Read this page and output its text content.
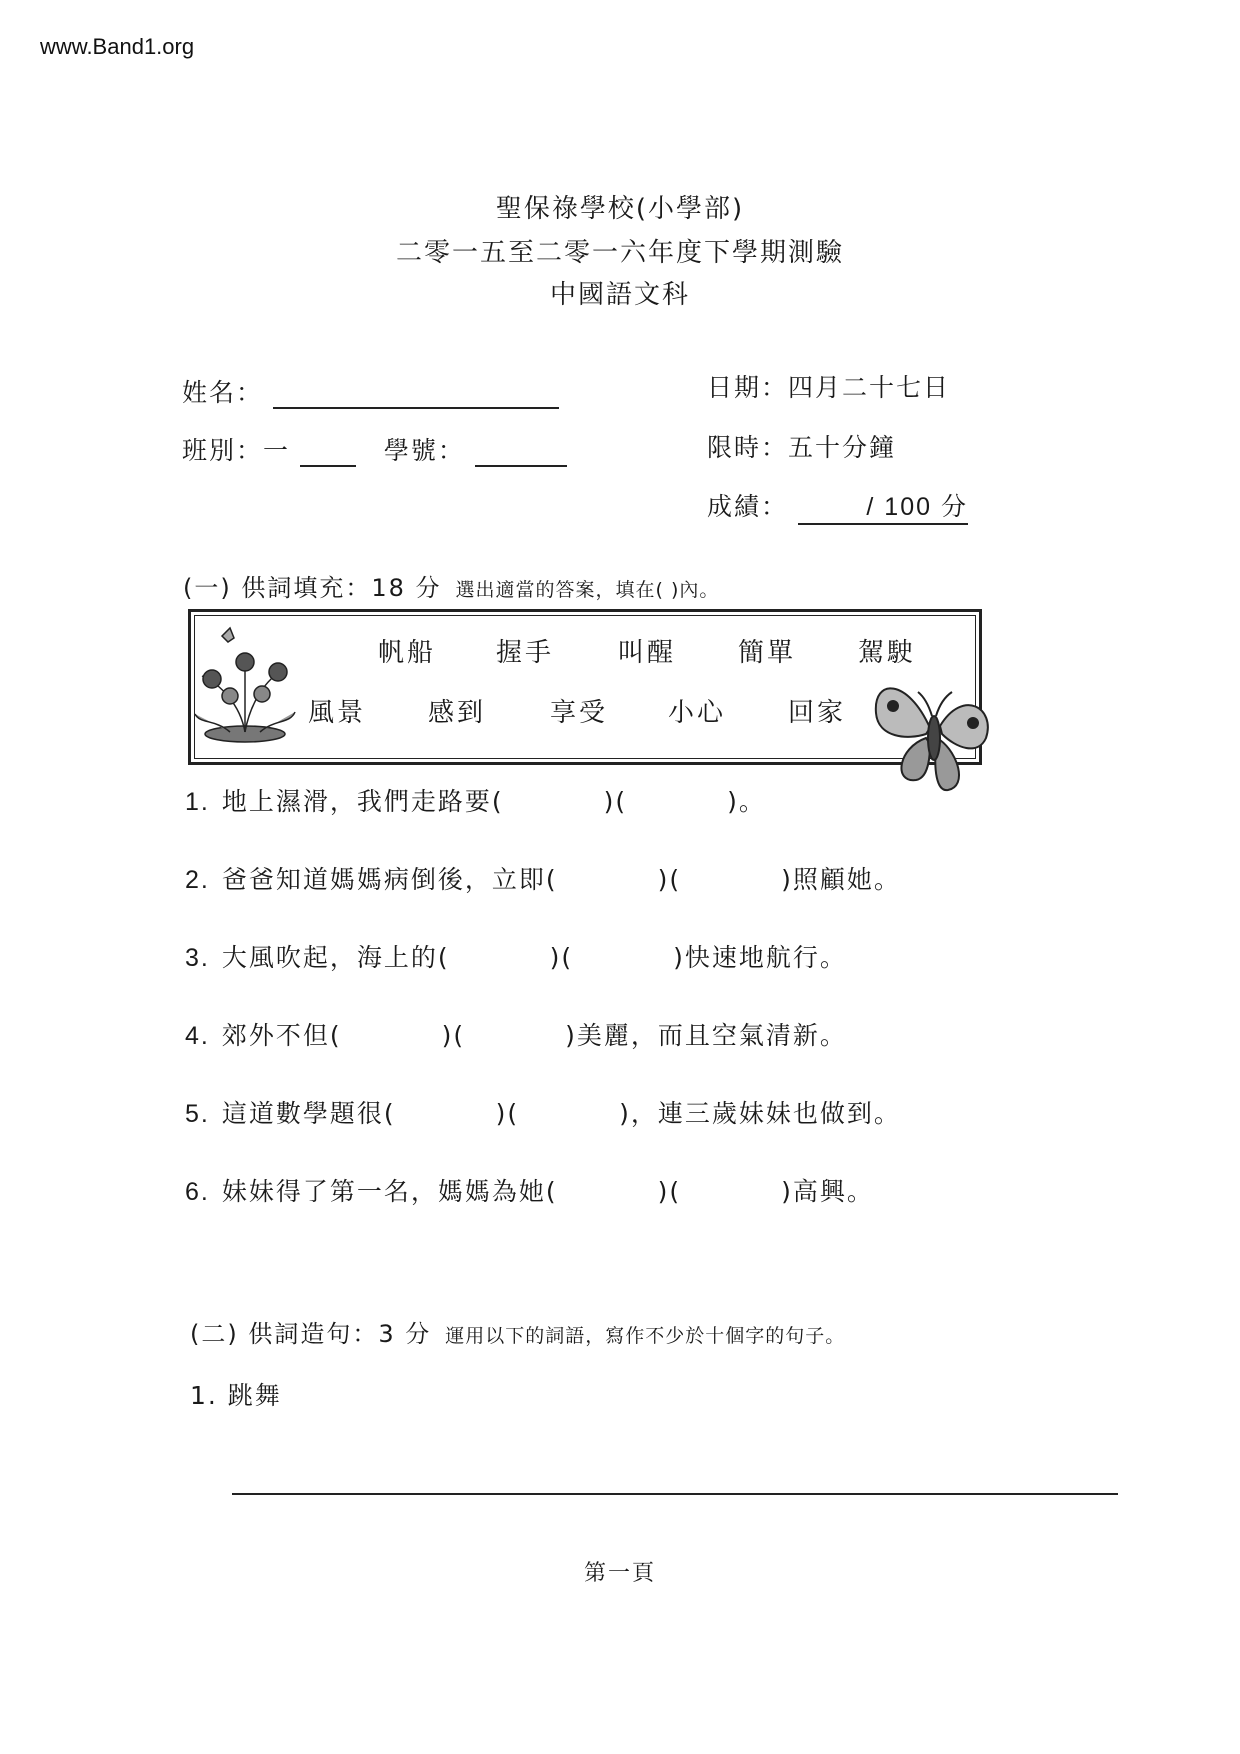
www.Band1.org
聖保祿學校(小學部)
二零一五至二零一六年度下學期測驗
中國語文科
姓名：
班別：一	學號：
日期：四月二十七日
限時：五十分鐘
成績：	/ 100 分
(一) 供詞填充：18 分 選出適當的答案，填在( )內。
帆船 握手 叫醒 簡單 駕駛
風景 感到 享受 小心 回家
1. 地上濕滑，我們走路要(	)(	)。
2. 爸爸知道媽媽病倒後，立即(	)(	)照顧她。
3. 大風吹起，海上的(	)(	)快速地航行。
4. 郊外不但(	)(	)美麗，而且空氣清新。
5. 這道數學題很(	)(	)，連三歲妹妹也做到。
6. 妹妹得了第一名，媽媽為她(	)(	)高興。
(二) 供詞造句：3 分 運用以下的詞語，寫作不少於十個字的句子。
1. 跳舞
第一頁
